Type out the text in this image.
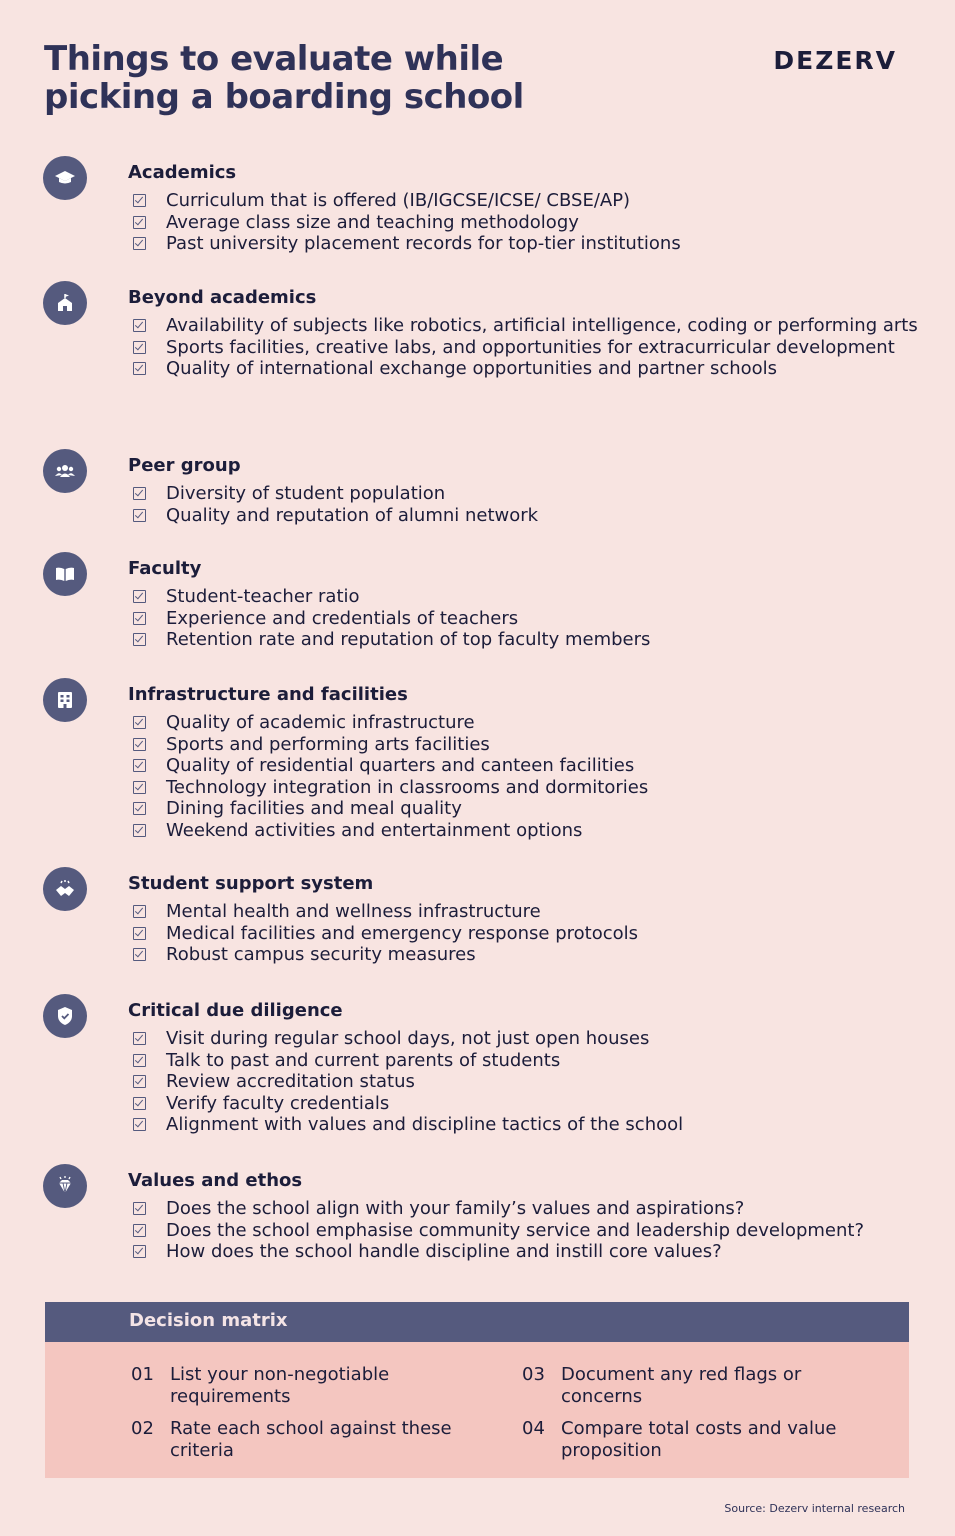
Things to evaluate while picking a boarding school
DEZERV
Academics
Curriculum that is offered (IB/IGCSE/ICSE/ CBSE/AP)
Average class size and teaching methodology
Past university placement records for top-tier institutions
Beyond academics
Availability of subjects like robotics, artificial intelligence, coding or performing arts
Sports facilities, creative labs, and opportunities for extracurricular development
Quality of international exchange opportunities and partner schools
Peer group
Diversity of student population
Quality and reputation of alumni network
Faculty
Student-teacher ratio
Experience and credentials of teachers
Retention rate and reputation of top faculty members
Infrastructure and facilities
Quality of academic infrastructure
Sports and performing arts facilities
Quality of residential quarters and canteen facilities
Technology integration in classrooms and dormitories
Dining facilities and meal quality
Weekend activities and entertainment options
Student support system
Mental health and wellness infrastructure
Medical facilities and emergency response protocols
Robust campus security measures
Critical due diligence
Visit during regular school days, not just open houses
Talk to past and current parents of students
Review accreditation status
Verify faculty credentials
Alignment with values and discipline tactics of the school
Values and ethos
Does the school align with your family’s values and aspirations?
Does the school emphasise community service and leadership development?
How does the school handle discipline and instill core values?
Decision matrix
01 List your non-negotiable requirements
02 Rate each school against these criteria
03 Document any red flags or concerns
04 Compare total costs and value proposition
Source: Dezerv internal research
